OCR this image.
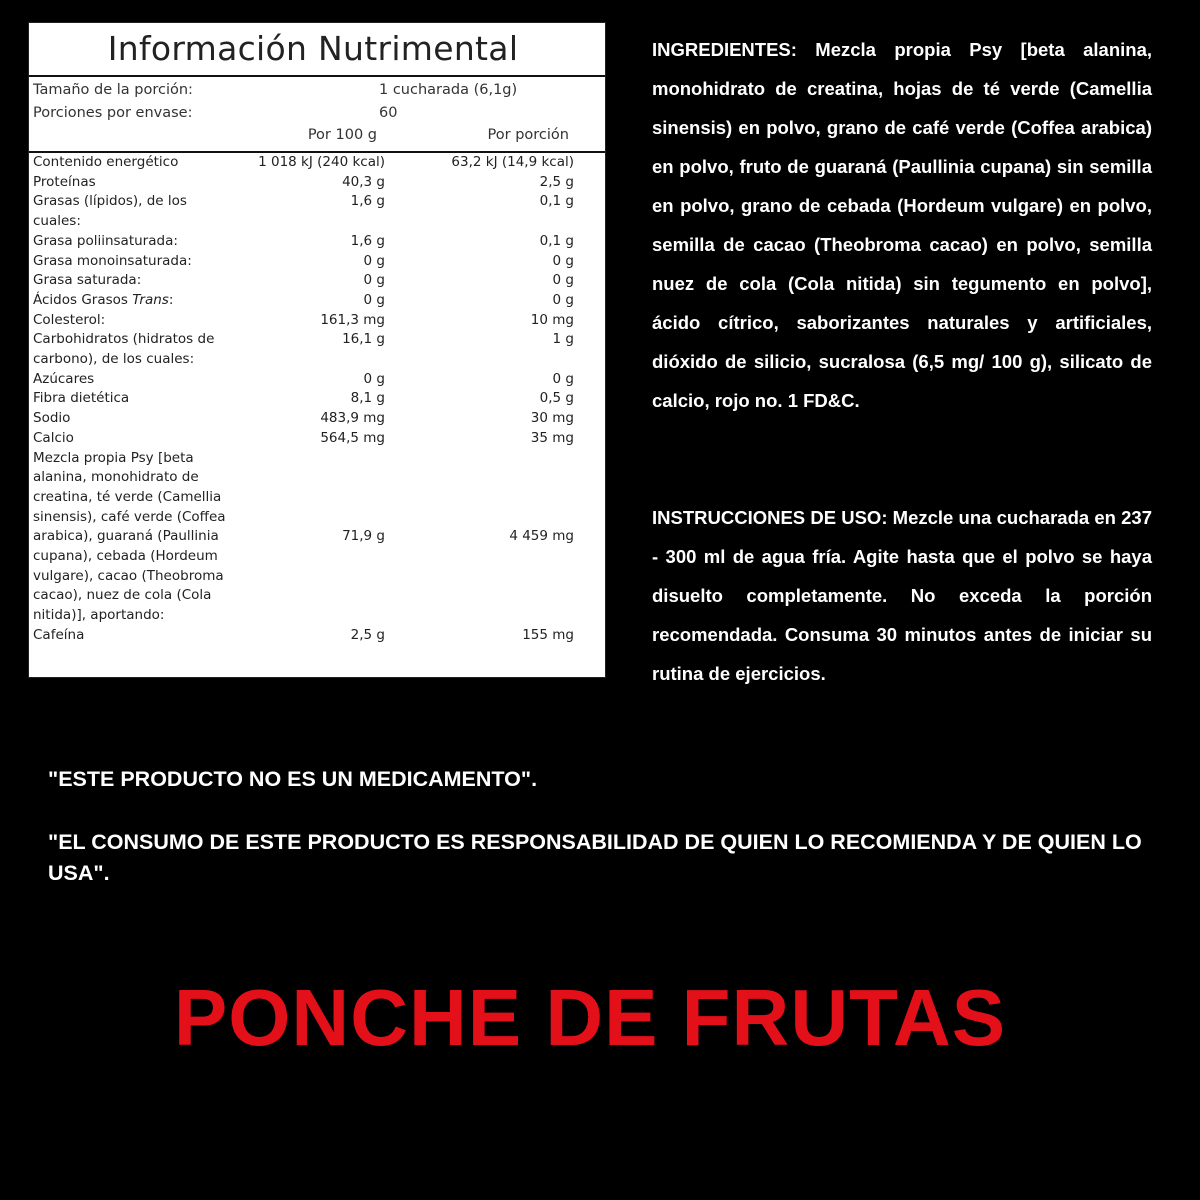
Información Nutrimental
Tamaño de la porción:	1 cucharada (6,1g)
Porciones por envase:	60
Por 100 g	Por porción
Contenido energético	1 018 kJ (240 kcal)	63,2 kJ (14,9 kcal)	
Proteínas	40,3 g	2,5 g	
Grasas (lípidos), de los cuales:	1,6 g	0,1 g	
Grasa poliinsaturada:	1,6 g	0,1 g	
Grasa monoinsaturada:	0 g	0 g	
Grasa saturada:	0 g	0 g	
Ácidos Grasos Trans:	0 g	0 g	
Colesterol:	161,3 mg	10 mg	
Carbohidratos (hidratos de carbono), de los cuales:	16,1 g	1 g	
Azúcares	0 g	0 g	
Fibra dietética	8,1 g	0,5 g	
Sodio	483,9 mg	30 mg	
Calcio	564,5 mg	35 mg	
Mezcla propia Psy [beta alanina, monohidrato de creatina, té verde (Camellia sinensis), café verde (Coffea arabica), guaraná (Paullinia cupana), cebada (Hordeum vulgare), cacao (Theobroma cacao), nuez de cola (Cola nitida)], aportando:	71,9 g	4 459 mg	
Cafeína	2,5 g	155 mg	
INGREDIENTES: Mezcla propia Psy [beta alanina, monohidrato de creatina, hojas de té verde (Camellia sinensis) en polvo, grano de café verde (Coffea arabica) en polvo, fruto de guaraná (Paullinia cupana) sin semilla en polvo, grano de cebada (Hordeum vulgare) en polvo, semilla de cacao (Theobroma cacao) en polvo, semilla nuez de cola (Cola nitida) sin tegumento en polvo], ácido cítrico, saborizantes naturales y artificiales, dióxido de silicio, sucralosa (6,5 mg/ 100 g), silicato de calcio, rojo no. 1 FD&C.
INSTRUCCIONES DE USO: Mezcle una cucharada en 237 - 300 ml de agua fría. Agite hasta que el polvo se haya disuelto completamente. No exceda la porción recomendada. Consuma 30 minutos antes de iniciar su rutina de ejercicios.
"ESTE PRODUCTO NO ES UN MEDICAMENTO".
"EL CONSUMO DE ESTE PRODUCTO ES RESPONSABILIDAD DE QUIEN LO RECOMIENDA Y DE QUIEN LO USA".
PONCHE DE FRUTAS
